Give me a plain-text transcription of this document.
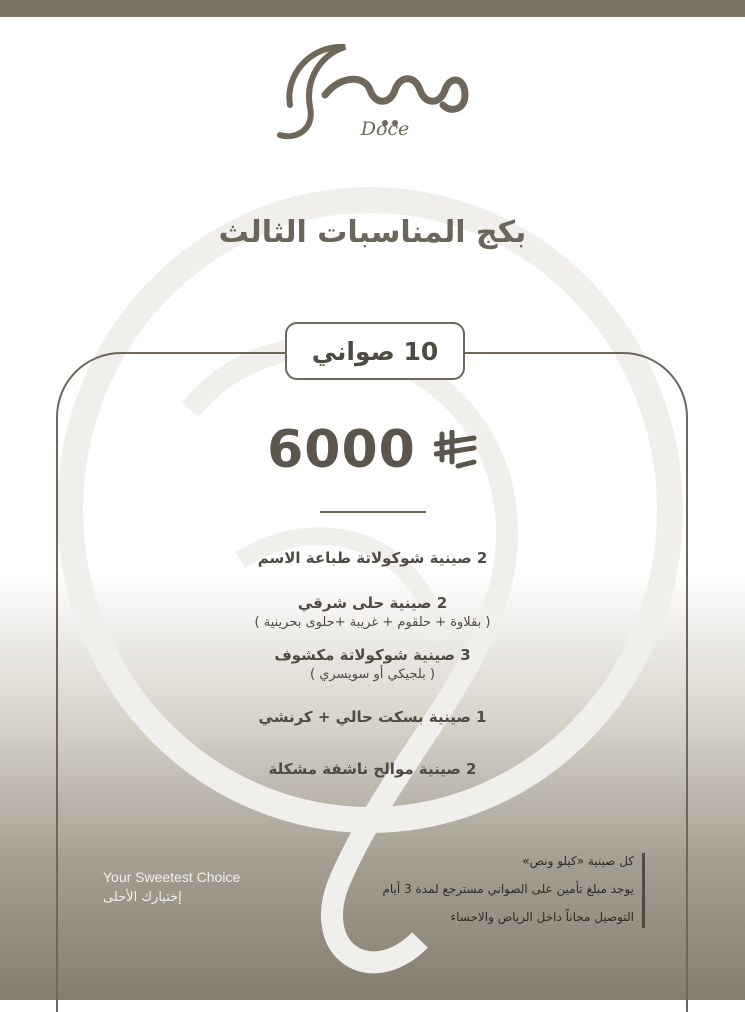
Doce
بكج المناسبات الثالث
10 صواني
6000
2 صينية شوكولاتة طباعة الاسم
2 صينية حلى شرقي
( بقلاوة + حلقوم + غريبة +حلوى بحرينية )
3 صينية شوكولاتة مكشوف
( بلجيكي أو سويسري )
1 صينية بسكت حالي + كرنشي
2 صينية موالح ناشفة مشكلة
Your Sweetest Choice
إختيارك الأحلى
كل صينية «كيلو ونص»
يوجد مبلغ تأمين على الصواني مسترجع لمدة 3 أيام
التوصيل مجاناً داخل الرياض والاحساء
